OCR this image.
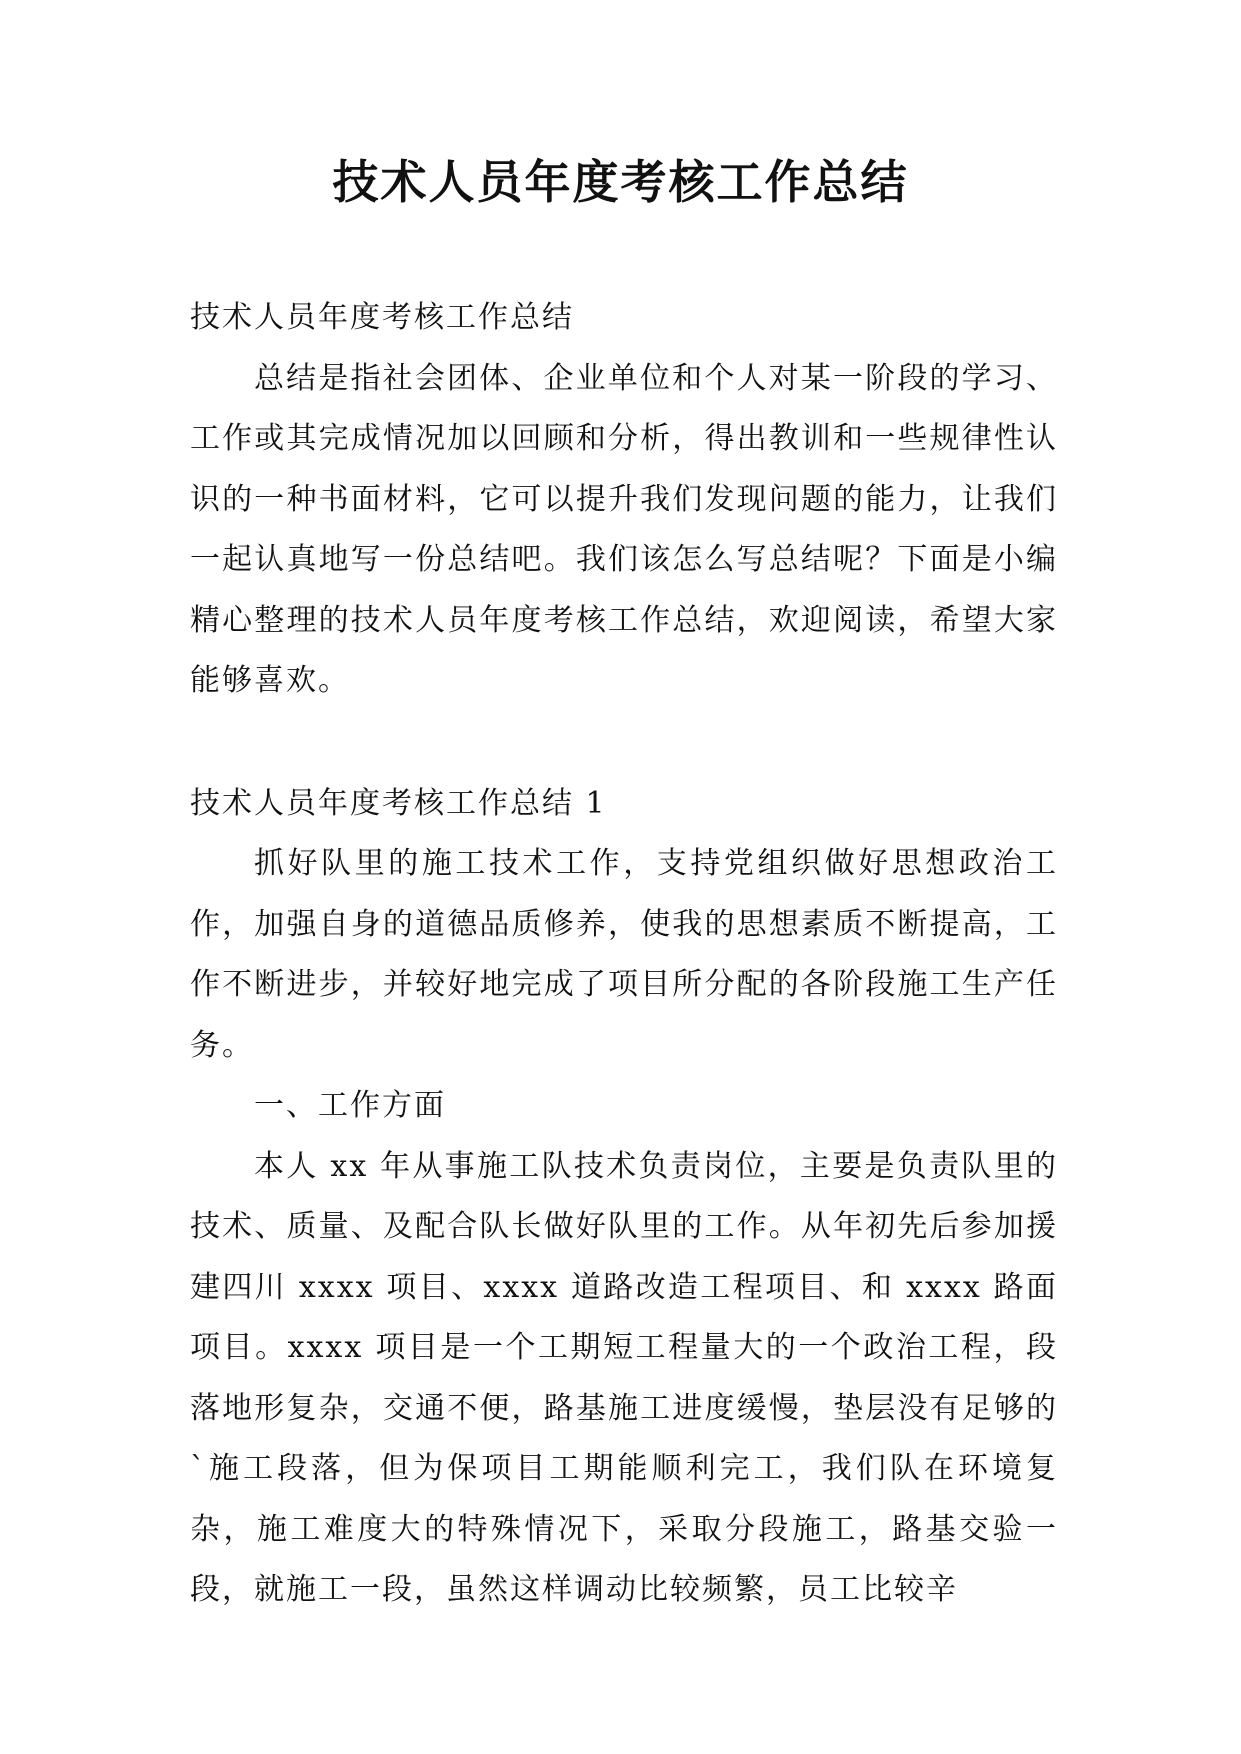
技术人员年度考核工作总结

技术人员年度考核工作总结

总结是指社会团体、企业单位和个人对某一阶段的学习、工作或其完成情况加以回顾和分析，得出教训和一些规律性认识的一种书面材料，它可以提升我们发现问题的能力，让我们一起认真地写一份总结吧。我们该怎么写总结呢？下面是小编精心整理的技术人员年度考核工作总结，欢迎阅读，希望大家能够喜欢。

技术人员年度考核工作总结 1

抓好队里的施工技术工作，支持党组织做好思想政治工作，加强自身的道德品质修养，使我的思想素质不断提高，工作不断进步，并较好地完成了项目所分配的各阶段施工生产任务。

一、工作方面

本人 xx 年从事施工队技术负责岗位，主要是负责队里的技术、质量、及配合队长做好队里的工作。从年初先后参加援建四川 xxxx 项目、xxxx 道路改造工程项目、和 xxxx 路面项目。xxxx 项目是一个工期短工程量大的一个政治工程，段落地形复杂，交通不便，路基施工进度缓慢，垫层没有足够的`施工段落，但为保项目工期能顺利完工，我们队在环境复杂，施工难度大的特殊情况下，采取分段施工，路基交验一段，就施工一段，虽然这样调动比较频繁，员工比较辛
